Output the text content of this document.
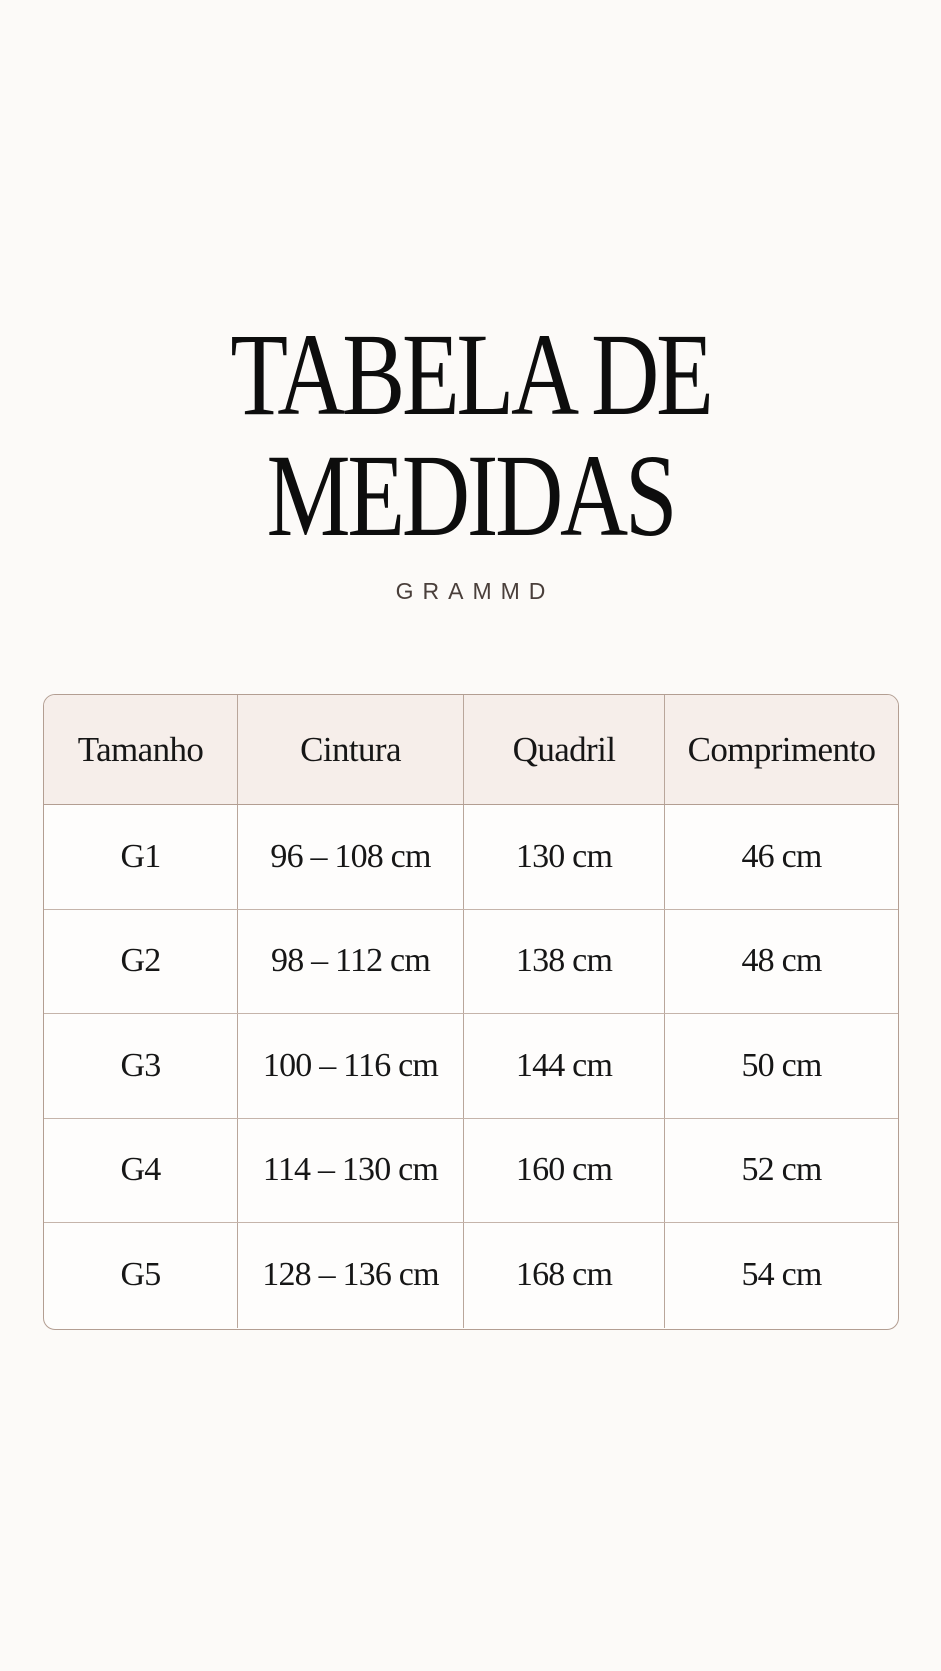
TABELA DE
MEDIDAS
GRAMMD
Tamanho	Cintura	Quadril	Comprimento
G1	96 – 108 cm	130 cm	46 cm
G2	98 – 112 cm	138 cm	48 cm
G3	100 – 116 cm	144 cm	50 cm
G4	114 – 130 cm	160 cm	52 cm
G5	128 – 136 cm	168 cm	54 cm
